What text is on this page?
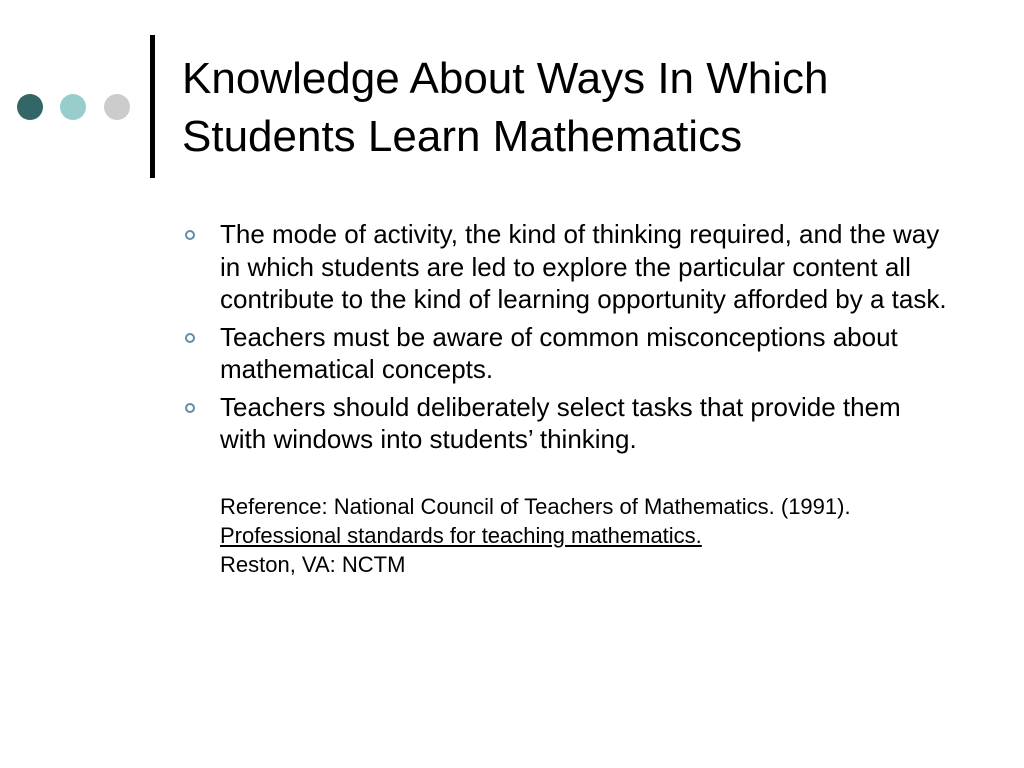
Knowledge About Ways In Which
Students Learn Mathematics
The mode of activity, the kind of thinking required, and the way in which students are led to explore the particular content all contribute to the kind of learning opportunity afforded by a task.
Teachers must be aware of common misconceptions about mathematical concepts.
Teachers should deliberately select tasks that provide them with windows into students’ thinking.

Reference: National Council of Teachers of Mathematics. (1991). Professional standards for teaching mathematics.
Reston, VA: NCTM
